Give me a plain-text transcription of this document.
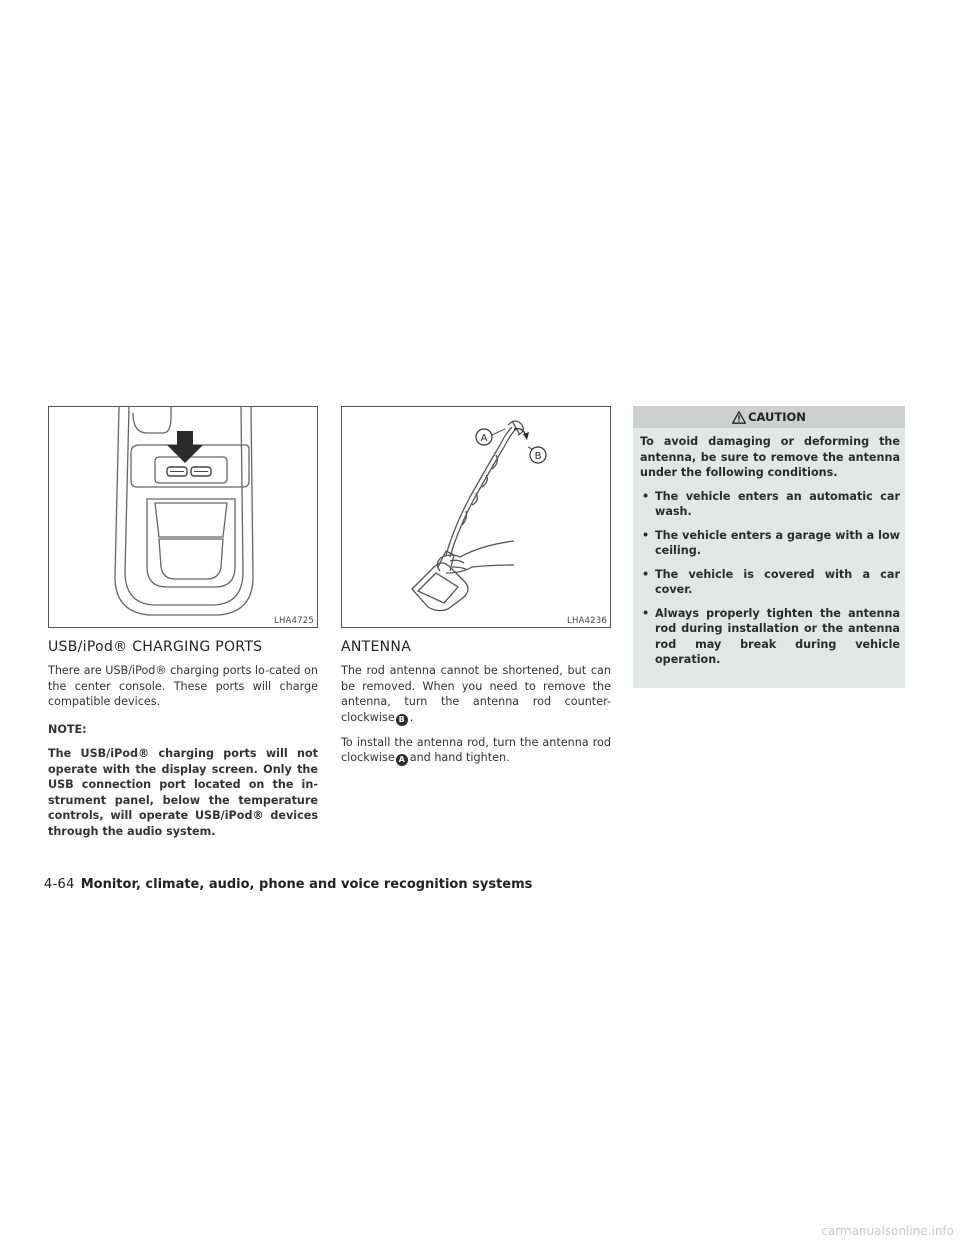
LHA4725
USB/iPod® CHARGING PORTS

There are USB/iPod® charging ports lo-cated on the center console. These ports will charge compatible devices.

NOTE:

The USB/iPod® charging ports will not operate with the display screen. Only the USB connection port located on the in-strument panel, below the temperature controls, will operate USB/iPod® devices through the audio system.

A
B
LHA4236
ANTENNA

The rod antenna cannot be shortened, but can be removed. When you need to remove the antenna, turn the antenna rod counter-clockwise B .

To install the antenna rod, turn the antenna rod clockwise A and hand tighten.

CAUTION

To avoid damaging or deforming the antenna, be sure to remove the antenna under the following conditions.

• The vehicle enters an automatic car wash.
• The vehicle enters a garage with a low ceiling.
• The vehicle is covered with a car cover.
• Always properly tighten the antenna rod during installation or the antenna rod may break during vehicle operation.
4-64 Monitor, climate, audio, phone and voice recognition systems
carmanualsonline.info
